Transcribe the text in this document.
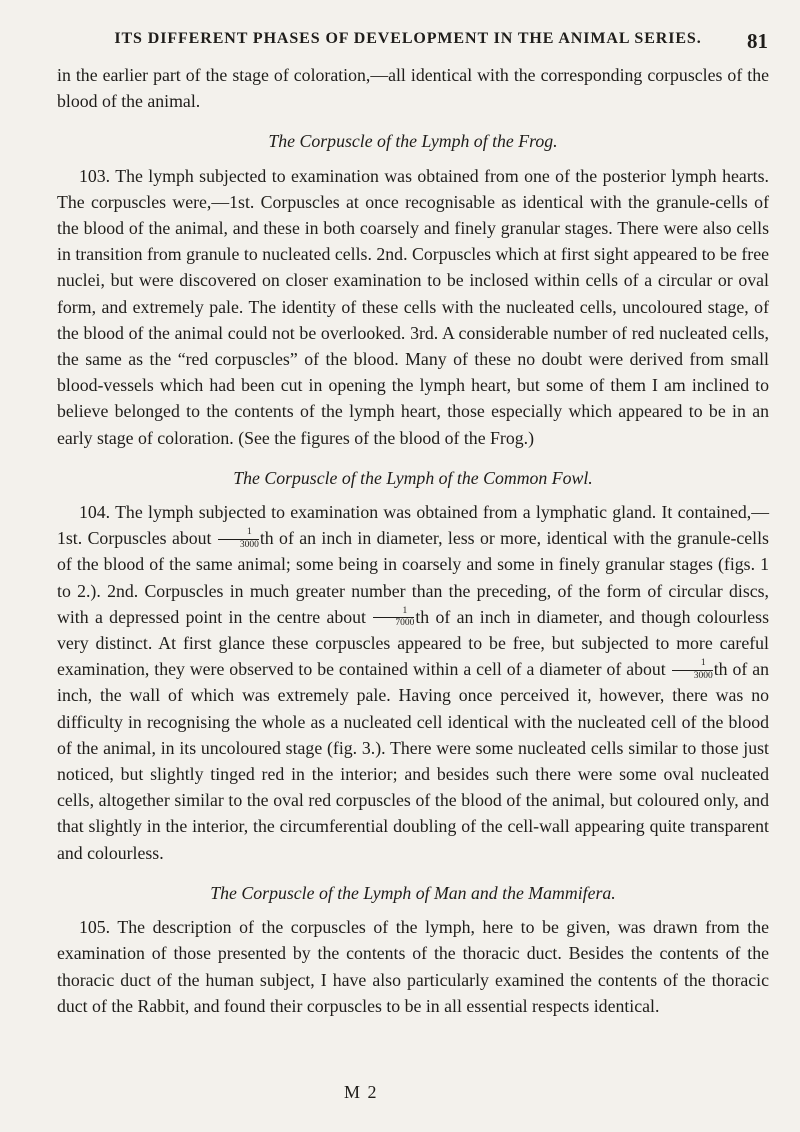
ITS DIFFERENT PHASES OF DEVELOPMENT IN THE ANIMAL SERIES.	81

in the earlier part of the stage of coloration,—all identical with the corresponding corpuscles of the blood of the animal.

The Corpuscle of the Lymph of the Frog.

103. The lymph subjected to examination was obtained from one of the posterior lymph hearts. The corpuscles were,—1st. Corpuscles at once recognisable as identical with the granule-cells of the blood of the animal, and these in both coarsely and finely granular stages. There were also cells in transition from granule to nucleated cells. 2nd. Corpuscles which at first sight appeared to be free nuclei, but were discovered on closer examination to be inclosed within cells of a circular or oval form, and extremely pale. The identity of these cells with the nucleated cells, uncoloured stage, of the blood of the animal could not be overlooked. 3rd. A considerable number of red nucleated cells, the same as the “red corpuscles” of the blood. Many of these no doubt were derived from small blood-vessels which had been cut in opening the lymph heart, but some of them I am inclined to believe belonged to the contents of the lymph heart, those especially which appeared to be in an early stage of coloration. (See the figures of the blood of the Frog.)

The Corpuscle of the Lymph of the Common Fowl.

104. The lymph subjected to examination was obtained from a lymphatic gland. It contained,—1st. Corpuscles about $\frac{1}{3000}$ th of an inch in diameter, less or more, identical with the granule-cells of the blood of the same animal; some being in coarsely and some in finely granular stages (figs. 1 to 2.). 2nd. Corpuscles in much greater number than the preceding, of the form of circular discs, with a depressed point in the centre about $\frac{1}{7000}$ th of an inch in diameter, and though colourless very distinct. At first glance these corpuscles appeared to be free, but subjected to more careful examination, they were observed to be contained within a cell of a diameter of about $\frac{1}{3000}$ th of an inch, the wall of which was extremely pale. Having once perceived it, however, there was no difficulty in recognising the whole as a nucleated cell identical with the nucleated cell of the blood of the animal, in its uncoloured stage (fig. 3.). There were some nucleated cells similar to those just noticed, but slightly tinged red in the interior; and besides such there were some oval nucleated cells, altogether similar to the oval red corpuscles of the blood of the animal, but coloured only, and that slightly in the interior, the circumferential doubling of the cell-wall appearing quite transparent and colourless.

The Corpuscle of the Lymph of Man and the Mammifera.

105. The description of the corpuscles of the lymph, here to be given, was drawn from the examination of those presented by the contents of the thoracic duct. Besides the contents of the thoracic duct of the human subject, I have also particularly examined the contents of the thoracic duct of the Rabbit, and found their corpuscles to be in all essential respects identical.

M 2
